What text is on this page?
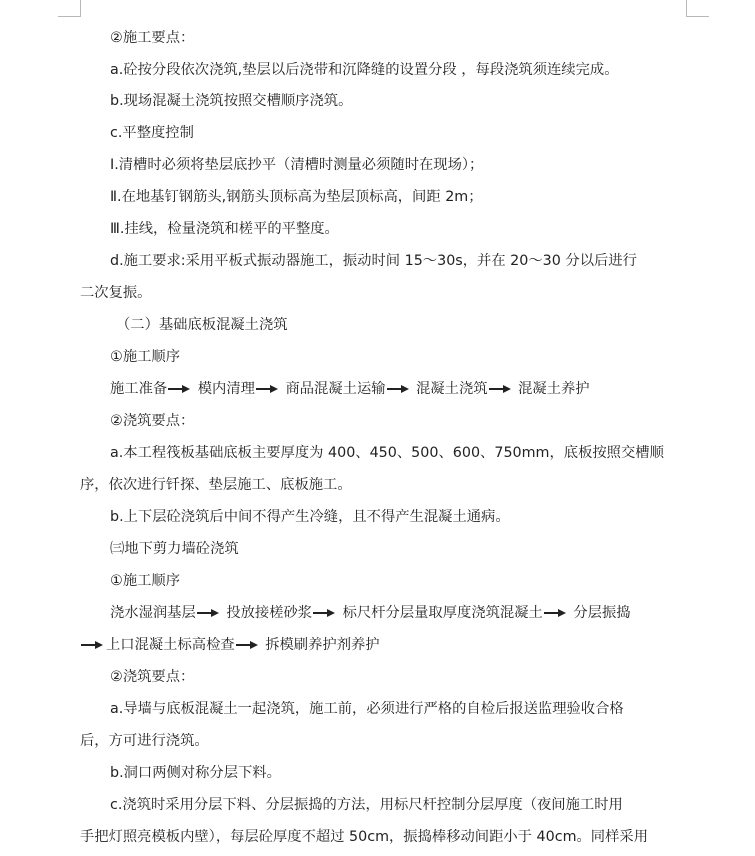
②施工要点：
a.砼按分段依次浇筑,垫层以后浇带和沉降缝的设置分段 ，每段浇筑须连续完成。
b.现场混凝土浇筑按照交槽顺序浇筑。
c.平整度控制
Ⅰ.清槽时必须将垫层底抄平（清槽时测量必须随时在现场）；
Ⅱ.在地基钉钢筋头,钢筋头顶标高为垫层顶标高，间距 2m；
Ⅲ.挂线，检量浇筑和槎平的平整度。
d.施工要求:采用平板式振动器施工，振动时间 15～30s，并在 20～30 分以后进行
二次复振。
（二）基础底板混凝土浇筑
①施工顺序
施工准备 模内清理 商品混凝土运输 混凝土浇筑 混凝土养护
②浇筑要点：
a.本工程筏板基础底板主要厚度为 400、450、500、600、750mm，底板按照交槽顺
序，依次进行钎探、垫层施工、底板施工。
b.上下层砼浇筑后中间不得产生冷缝，且不得产生混凝土通病。
㈢地下剪力墙砼浇筑
①施工顺序
浇水湿润基层 投放接槎砂浆 标尺杆分层量取厚度浇筑混凝土 分层振捣
上口混凝土标高检查 拆模刷养护剂养护
②浇筑要点：
a.导墙与底板混凝土一起浇筑，施工前，必须进行严格的自检后报送监理验收合格
后，方可进行浇筑。
b.洞口两侧对称分层下料。
c.浇筑时采用分层下料、分层振捣的方法，用标尺杆控制分层厚度（夜间施工时用
手把灯照亮模板内壁），每层砼厚度不超过 50cm，振捣棒移动间距小于 40cm。同样采用
